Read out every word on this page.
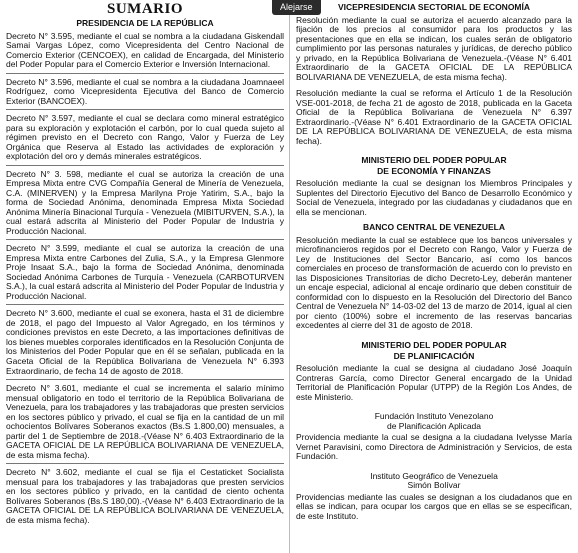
SUMARIO
PRESIDENCIA DE LA REPÚBLICA

Decreto N° 3.595, mediante el cual se nombra a la ciudadana Giskendall Samai Vargas López, como Vicepresidenta del Centro Nacional de Comercio Exterior (CENCOEX), en calidad de Encargada, del Ministerio del Poder Popular para el Comercio Exterior e Inversión Internacional.

Decreto N° 3.596, mediante el cual se nombra a la ciudadana Joamnaeel Rodríguez, como Vicepresidenta Ejecutiva del Banco de Comercio Exterior (BANCOEX).

Decreto N° 3.597, mediante el cual se declara como mineral estratégico para su exploración y explotación el carbón, por lo cual queda sujeto al régimen previsto en el Decreto con Rango, Valor y Fuerza de Ley Orgánica que Reserva al Estado las actividades de exploración y explotación del oro y demás minerales estratégicos.

Decreto N° 3. 598, mediante el cual se autoriza la creación de una Empresa Mixta entre CVG Compañía General de Minería de Venezuela, C.A. (MINERVEN) y la Empresa Marilyna Proje Yatirim, S.A., bajo la forma de Sociedad Anónima, denominada Empresa Mixta Sociedad Anónima Minería Binacional Turquía - Venezuela (MIBITURVEN, S.A.), la cual estará adscrita al Ministerio del Poder Popular de Industria y Producción Nacional.

Decreto N° 3.599, mediante el cual se autoriza la creación de una Empresa Mixta entre Carbones del Zulia, S.A., y la Empresa Glenmore Proje Insaat S.A., bajo la forma de Sociedad Anónima, denominada Sociedad Anónima Carbones de Turquía - Venezuela (CARBOTURVEN S.A.), la cual estará adscrita al Ministerio del Poder Popular de Industria y Producción Nacional.

Decreto N° 3.600, mediante el cual se exonera, hasta el 31 de diciembre de 2018, el pago del Impuesto al Valor Agregado, en los términos y condiciones previstos en este Decreto, a las importaciones definitivas de los bienes muebles corporales identificados en la Resolución Conjunta de los Ministerios del Poder Popular que en él se señalan, publicada en la Gaceta Oficial de la República Bolivariana de Venezuela N° 6.393 Extraordinario, de fecha 14 de agosto de 2018.

Decreto N° 3.601, mediante el cual se incrementa el salario mínimo mensual obligatorio en todo el territorio de la República Bolivariana de Venezuela, para los trabajadores y las trabajadoras que presten servicios en los sectores público y privado, el cual se fija en la cantidad de un mil ochocientos Bolívares Soberanos exactos (Bs.S 1.800,00) mensuales, a partir del 1 de Septiembre de 2018.-(Véase N° 6.403 Extraordinario de la GACETA OFICIAL DE LA REPÚBLICA BOLIVARIANA DE VENEZUELA, de esta misma fecha).

Decreto N° 3.602, mediante el cual se fija el Cestaticket Socialista mensual para los trabajadores y las trabajadoras que presten servicios en los sectores público y privado, en la cantidad de ciento ochenta Bolívares Soberanos (Bs.S 180,00).-(Véase N° 6.403 Extraordinario de la GACETA OFICIAL DE LA REPÚBLICA BOLIVARIANA DE VENEZUELA, de esta misma fecha).

VICEPRESIDENCIA SECTORIAL DE ECONOMÍA

Resolución mediante la cual se autoriza el acuerdo alcanzado para la fijación de los precios al consumidor para los productos y las presentaciones que en ella se indican, los cuales serán de obligatorio cumplimiento por las personas naturales y jurídicas, de derecho público y privado, en la República Bolivariana de Venezuela.-(Véase N° 6.401 Extraordinario de la GACETA OFICIAL DE LA REPÚBLICA BOLIVARIANA DE VENEZUELA, de esta misma fecha).

Resolución mediante la cual se reforma el Artículo 1 de la Resolución VSE-001-2018, de fecha 21 de agosto de 2018, publicada en la Gaceta Oficial de la República Bolivariana de Venezuela N° 6.397 Extraordinario.-(Véase N° 6.401 Extraordinario de la GACETA OFICIAL DE LA REPÚBLICA BOLIVARIANA DE VENEZUELA, de esta misma fecha).

MINISTERIO DEL PODER POPULAR
DE ECONOMÍA Y FINANZAS

Resolución mediante la cual se designan los Miembros Principales y Suplentes del Directorio Ejecutivo del Banco de Desarrollo Económico y Social de Venezuela, integrado por las ciudadanas y ciudadanos que en ella se mencionan.

BANCO CENTRAL DE VENEZUELA

Resolución mediante la cual se establece que los bancos universales y microfinancieros regidos por el Decreto con Rango, Valor y Fuerza de Ley de Instituciones del Sector Bancario, así como los bancos comerciales en proceso de transformación de acuerdo con lo previsto en las Disposiciones Transitorias de dicho Decreto-Ley, deberán mantener un encaje especial, adicional al encaje ordinario que deben constituir de conformidad con lo dispuesto en la Resolución del Directorio del Banco Central de Venezuela N° 14-03-02 del 13 de marzo de 2014, igual al cien por ciento (100%) sobre el incremento de las reservas bancarias excedentes al cierre del 31 de agosto de 2018.

MINISTERIO DEL PODER POPULAR
DE PLANIFICACIÓN

Resolución mediante la cual se designa al ciudadano José Joaquín Contreras García, como Director General encargado de la Unidad Territorial de Planificación Popular (UTPP) de la Región Los Andes, de este Ministerio.

Fundación Instituto Venezolano
de Planificación Aplicada

Providencia mediante la cual se designa a la ciudadana Ivelysse María Vernet Paravisini, como Directora de Administración y Servicios, de esta Fundación.

Instituto Geográfico de Venezuela
Simón Bolívar

Providencias mediante las cuales se designan a los ciudadanos que en ellas se indican, para ocupar los cargos que en ellas se se especifican, de este Instituto.

Alejarse
